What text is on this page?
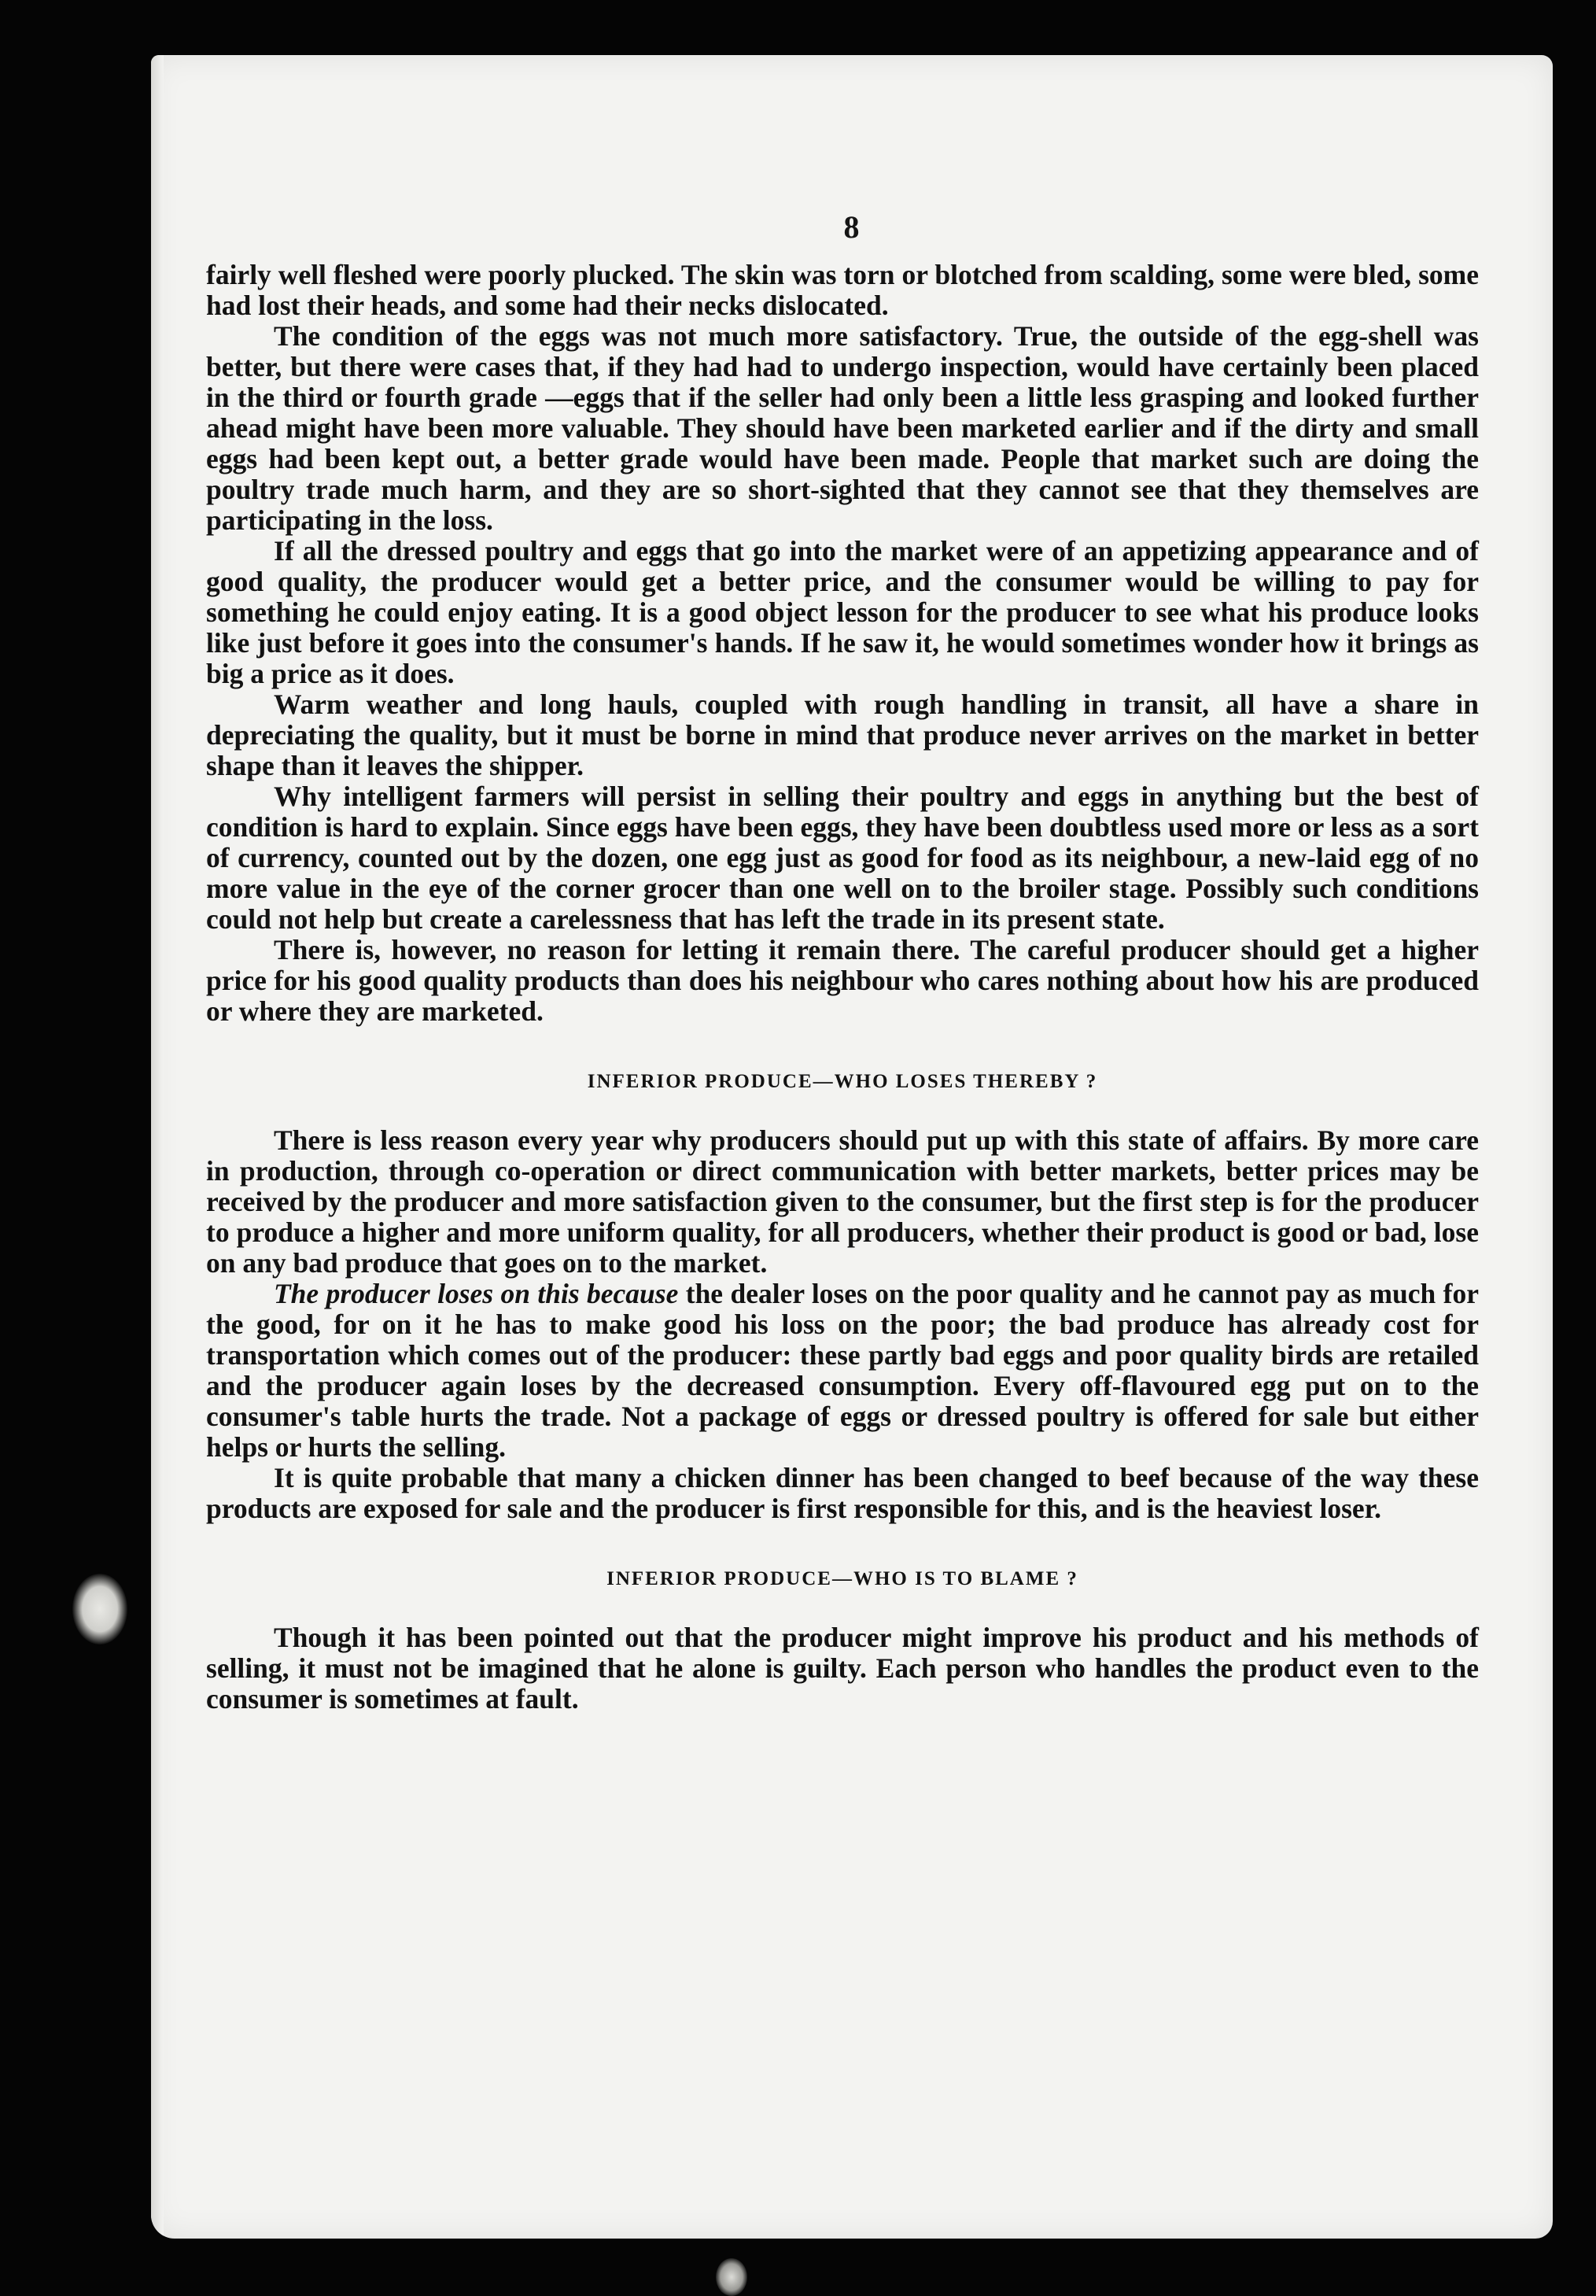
8

fairly well fleshed were poorly plucked. The skin was torn or blotched from scalding, some were bled, some had lost their heads, and some had their necks dislocated.

The condition of the eggs was not much more satisfactory. True, the outside of the egg-shell was better, but there were cases that, if they had had to undergo inspection, would have certainly been placed in the third or fourth grade —eggs that if the seller had only been a little less grasping and looked further ahead might have been more valuable. They should have been marketed earlier and if the dirty and small eggs had been kept out, a better grade would have been made. People that market such are doing the poultry trade much harm, and they are so short-sighted that they cannot see that they themselves are participating in the loss.

If all the dressed poultry and eggs that go into the market were of an appetizing appearance and of good quality, the producer would get a better price, and the consumer would be willing to pay for something he could enjoy eating. It is a good object lesson for the producer to see what his produce looks like just before it goes into the consumer's hands. If he saw it, he would sometimes wonder how it brings as big a price as it does.

Warm weather and long hauls, coupled with rough handling in transit, all have a share in depreciating the quality, but it must be borne in mind that produce never arrives on the market in better shape than it leaves the shipper.

Why intelligent farmers will persist in selling their poultry and eggs in anything but the best of condition is hard to explain. Since eggs have been eggs, they have been doubtless used more or less as a sort of currency, counted out by the dozen, one egg just as good for food as its neighbour, a new-laid egg of no more value in the eye of the corner grocer than one well on to the broiler stage. Possibly such conditions could not help but create a carelessness that has left the trade in its present state.

There is, however, no reason for letting it remain there. The careful producer should get a higher price for his good quality products than does his neighbour who cares nothing about how his are produced or where they are marketed.

INFERIOR PRODUCE—WHO LOSES THEREBY ?

There is less reason every year why producers should put up with this state of affairs. By more care in production, through co-operation or direct communication with better markets, better prices may be received by the producer and more satisfaction given to the consumer, but the first step is for the producer to produce a higher and more uniform quality, for all producers, whether their product is good or bad, lose on any bad produce that goes on to the market.

The producer loses on this because the dealer loses on the poor quality and he cannot pay as much for the good, for on it he has to make good his loss on the poor; the bad produce has already cost for transportation which comes out of the producer: these partly bad eggs and poor quality birds are retailed and the producer again loses by the decreased consumption. Every off-flavoured egg put on to the consumer's table hurts the trade. Not a package of eggs or dressed poultry is offered for sale but either helps or hurts the selling.

It is quite probable that many a chicken dinner has been changed to beef because of the way these products are exposed for sale and the producer is first responsible for this, and is the heaviest loser.

INFERIOR PRODUCE—WHO IS TO BLAME ?

Though it has been pointed out that the producer might improve his product and his methods of selling, it must not be imagined that he alone is guilty. Each person who handles the product even to the consumer is sometimes at fault.
